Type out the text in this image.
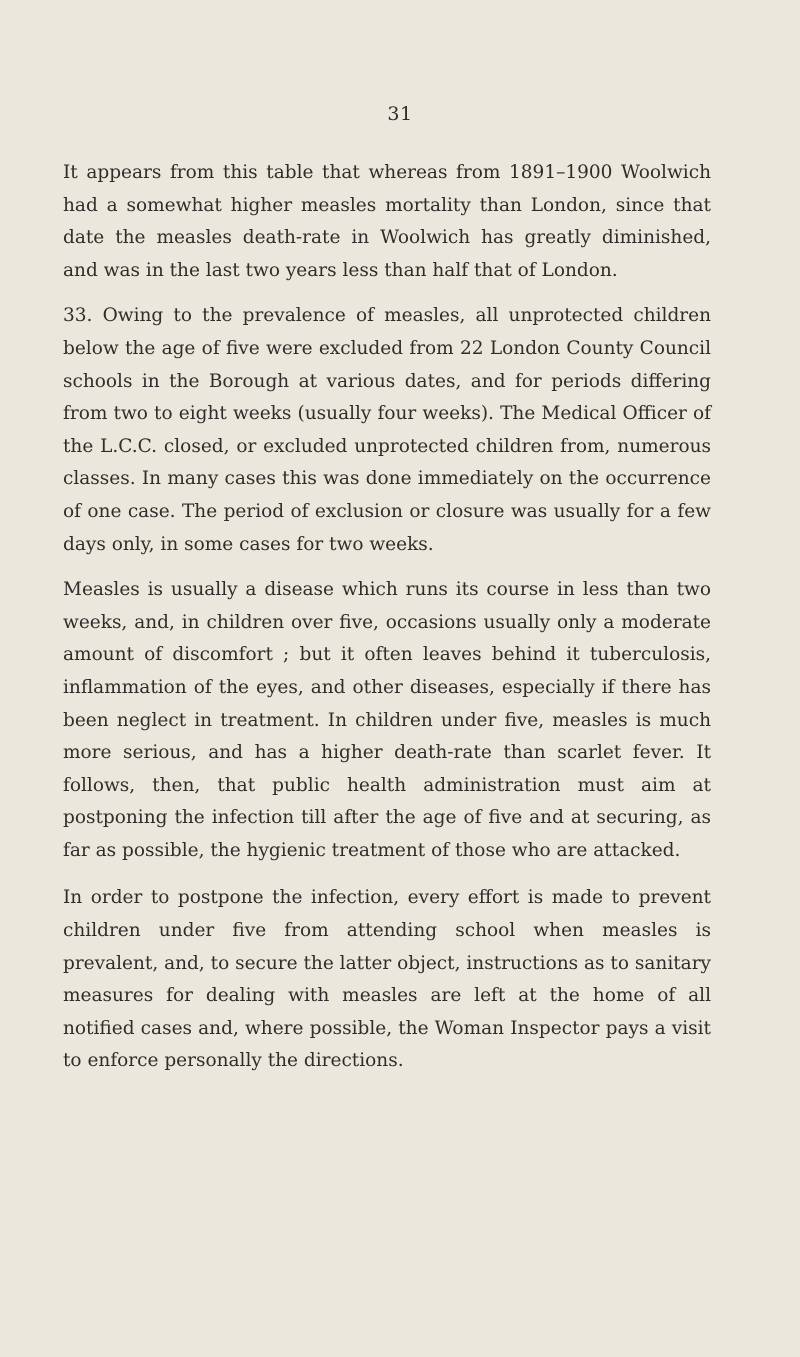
31

It appears from this table that whereas from 1891–1900 Woolwich had a somewhat higher measles mortality than London, since that date the measles death-rate in Woolwich has greatly diminished, and was in the last two years less than half that of London.

33. Owing to the prevalence of measles, all unprotected children below the age of five were excluded from 22 London County Council schools in the Borough at various dates, and for periods differing from two to eight weeks (usually four weeks). The Medical Officer of the L.C.C. closed, or excluded unprotected children from, numerous classes. In many cases this was done immediately on the occurrence of one case. The period of exclusion or closure was usually for a few days only, in some cases for two weeks.

Measles is usually a disease which runs its course in less than two weeks, and, in children over five, occasions usually only a moderate amount of discomfort ; but it often leaves behind it tuberculosis, inflammation of the eyes, and other diseases, especially if there has been neglect in treatment. In children under five, measles is much more serious, and has a higher death-rate than scarlet fever. It follows, then, that public health administration must aim at postponing the infection till after the age of five and at securing, as far as possible, the hygienic treatment of those who are attacked.

In order to postpone the infection, every effort is made to prevent children under five from attending school when measles is prevalent, and, to secure the latter object, instructions as to sanitary measures for dealing with measles are left at the home of all notified cases and, where possible, the Woman Inspector pays a visit to enforce personally the directions.
